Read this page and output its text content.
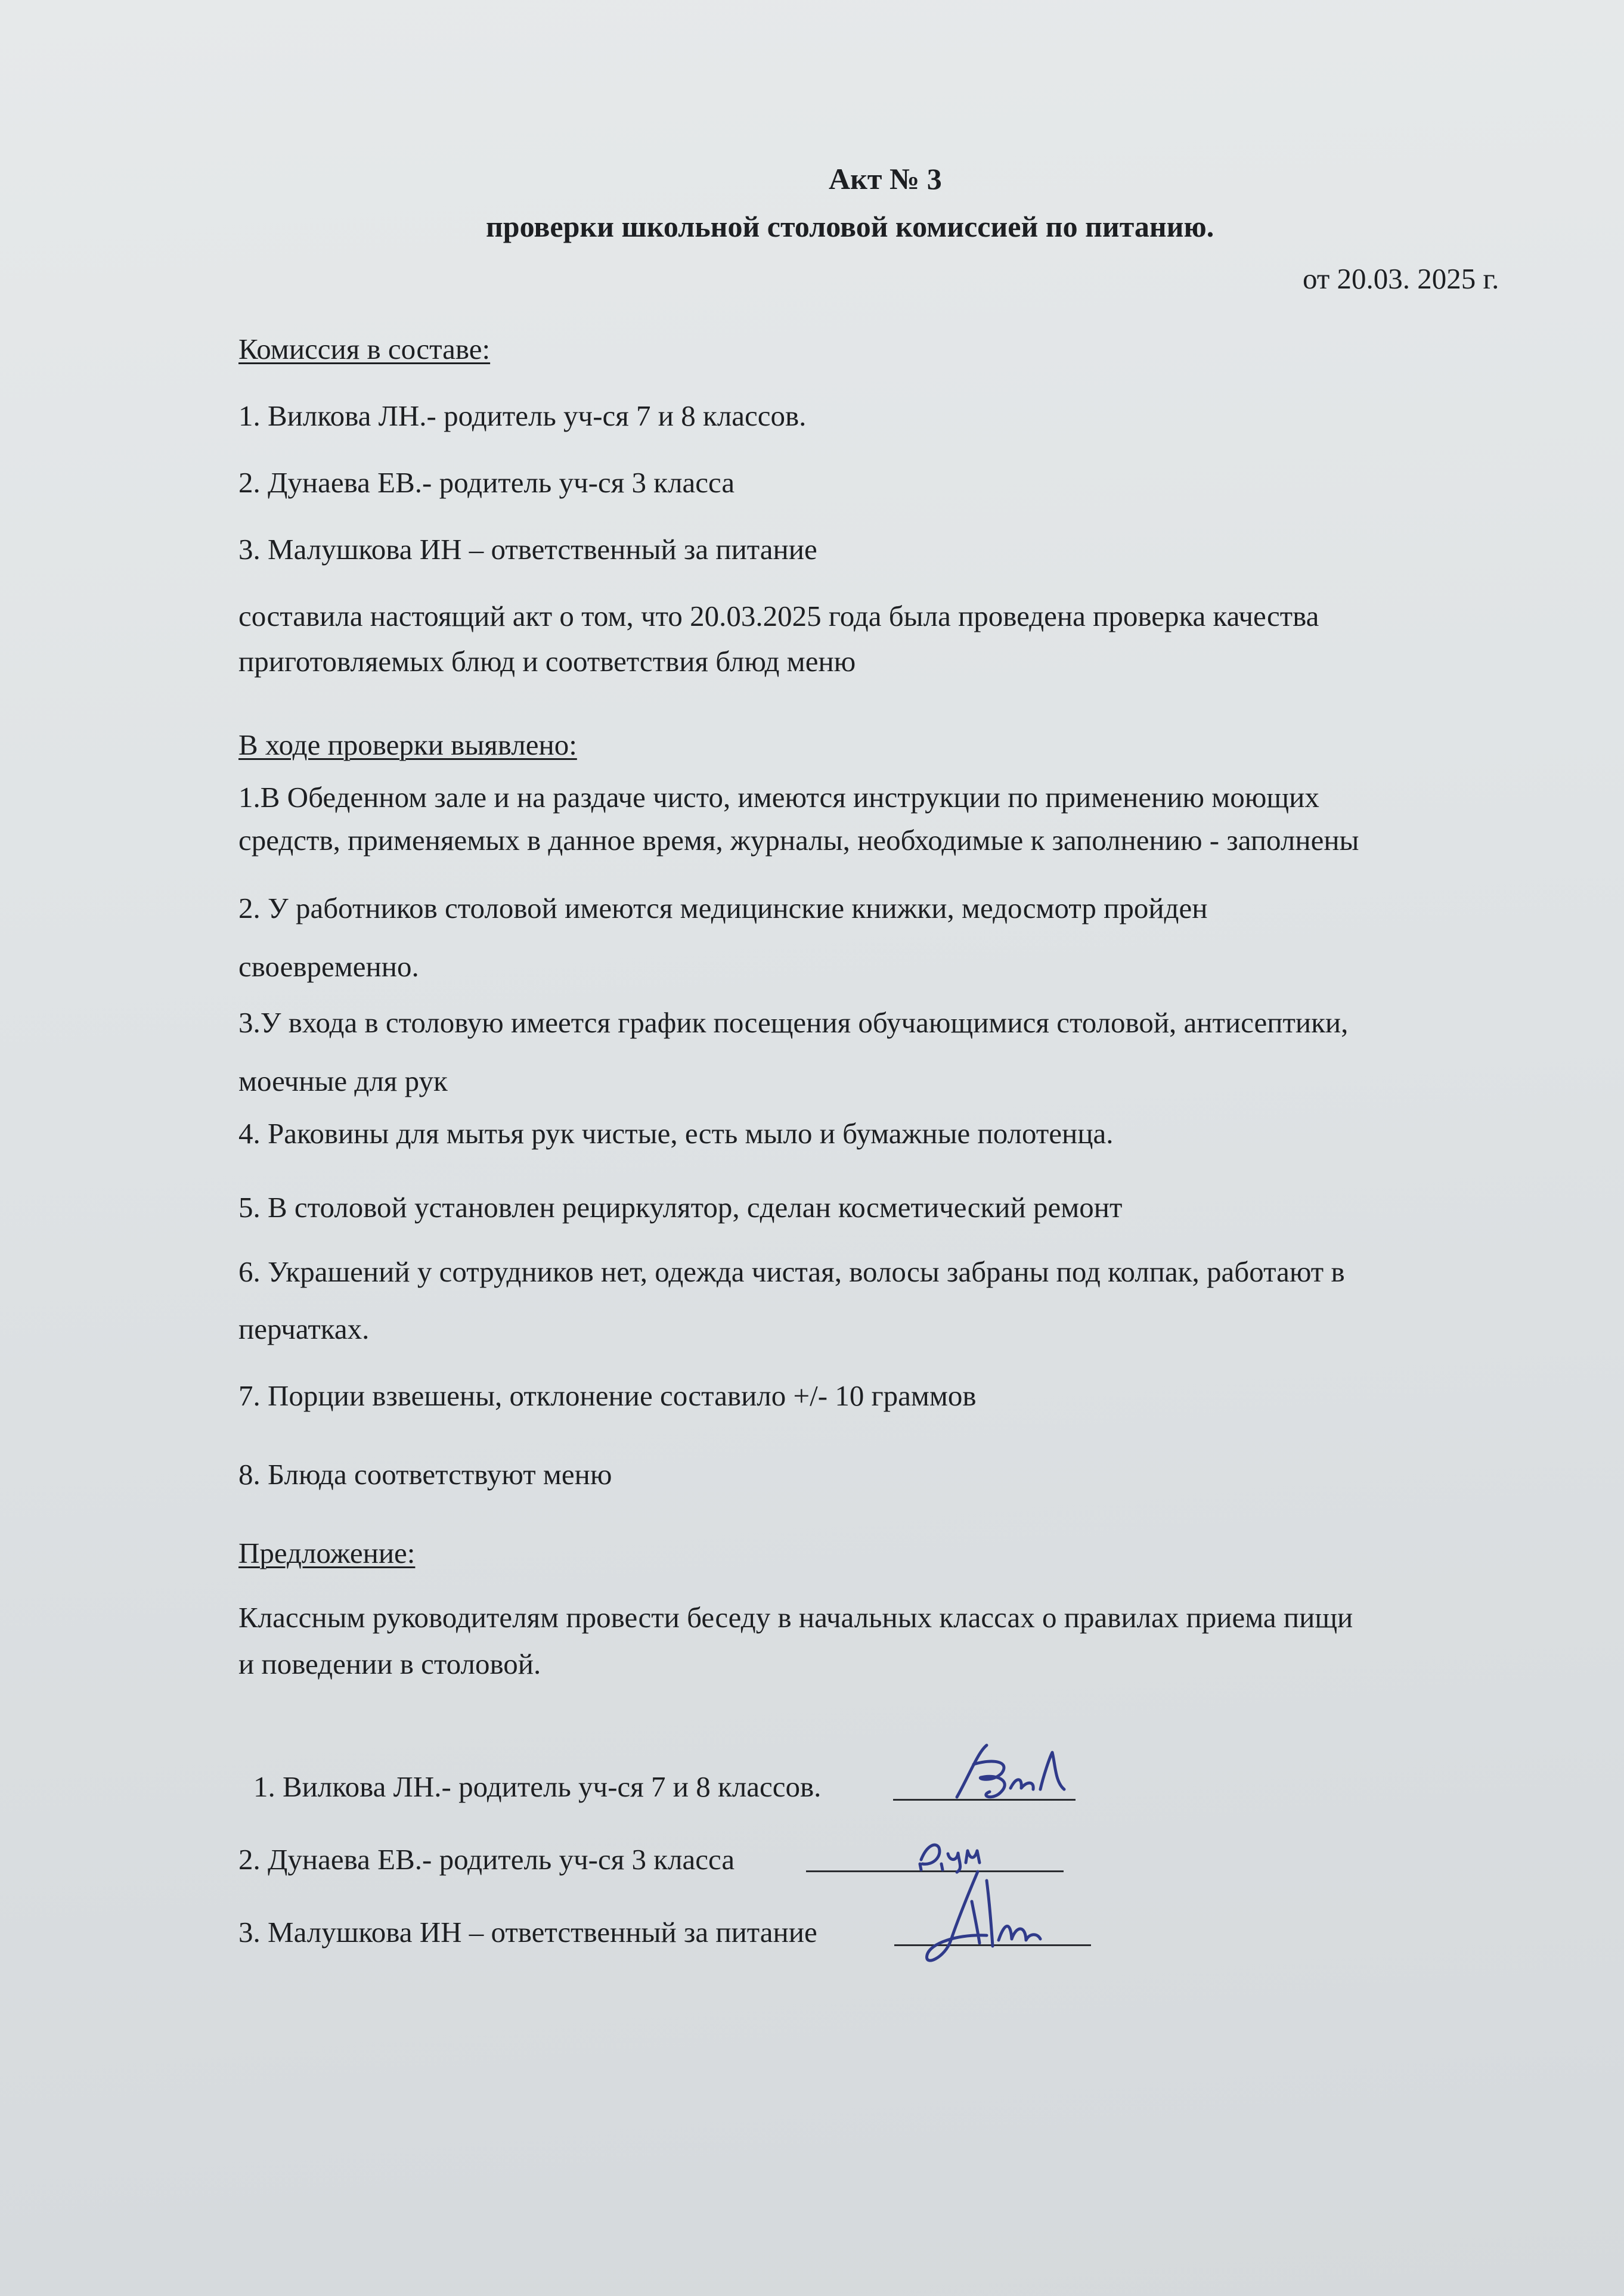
Акт № 3
проверки школьной столовой комиссией по питанию.
от 20.03. 2025 г.
Комиссия в составе:
1. Вилкова ЛН.- родитель уч-ся 7 и 8 классов.
2. Дунаева ЕВ.- родитель уч-ся 3 класса
3. Малушкова ИН – ответственный за питание
составила настоящий акт о том, что 20.03.2025 года была проведена проверка качества
приготовляемых блюд и соответствия блюд меню
В ходе проверки выявлено:
1.В Обеденном зале и на раздаче чисто, имеются инструкции по применению моющих
средств, применяемых в данное время, журналы, необходимые к заполнению - заполнены
2. У работников столовой имеются медицинские книжки, медосмотр пройден
своевременно.
3.У входа в столовую имеется график посещения обучающимися столовой, антисептики,
моечные для рук
4. Раковины для мытья рук чистые, есть мыло и бумажные полотенца.
5. В столовой установлен рециркулятор, сделан косметический ремонт
6. Украшений у сотрудников нет, одежда чистая, волосы забраны под колпак, работают в
перчатках.
7. Порции взвешены, отклонение составило +/- 10 граммов
8. Блюда соответствуют меню
Предложение:
Классным руководителям провести беседу в начальных классах о правилах приема пищи
и поведении в столовой.
1. Вилкова ЛН.- родитель уч-ся 7 и 8 классов.
2. Дунаева ЕВ.- родитель уч-ся 3 класса
3. Малушкова ИН – ответственный за питание
